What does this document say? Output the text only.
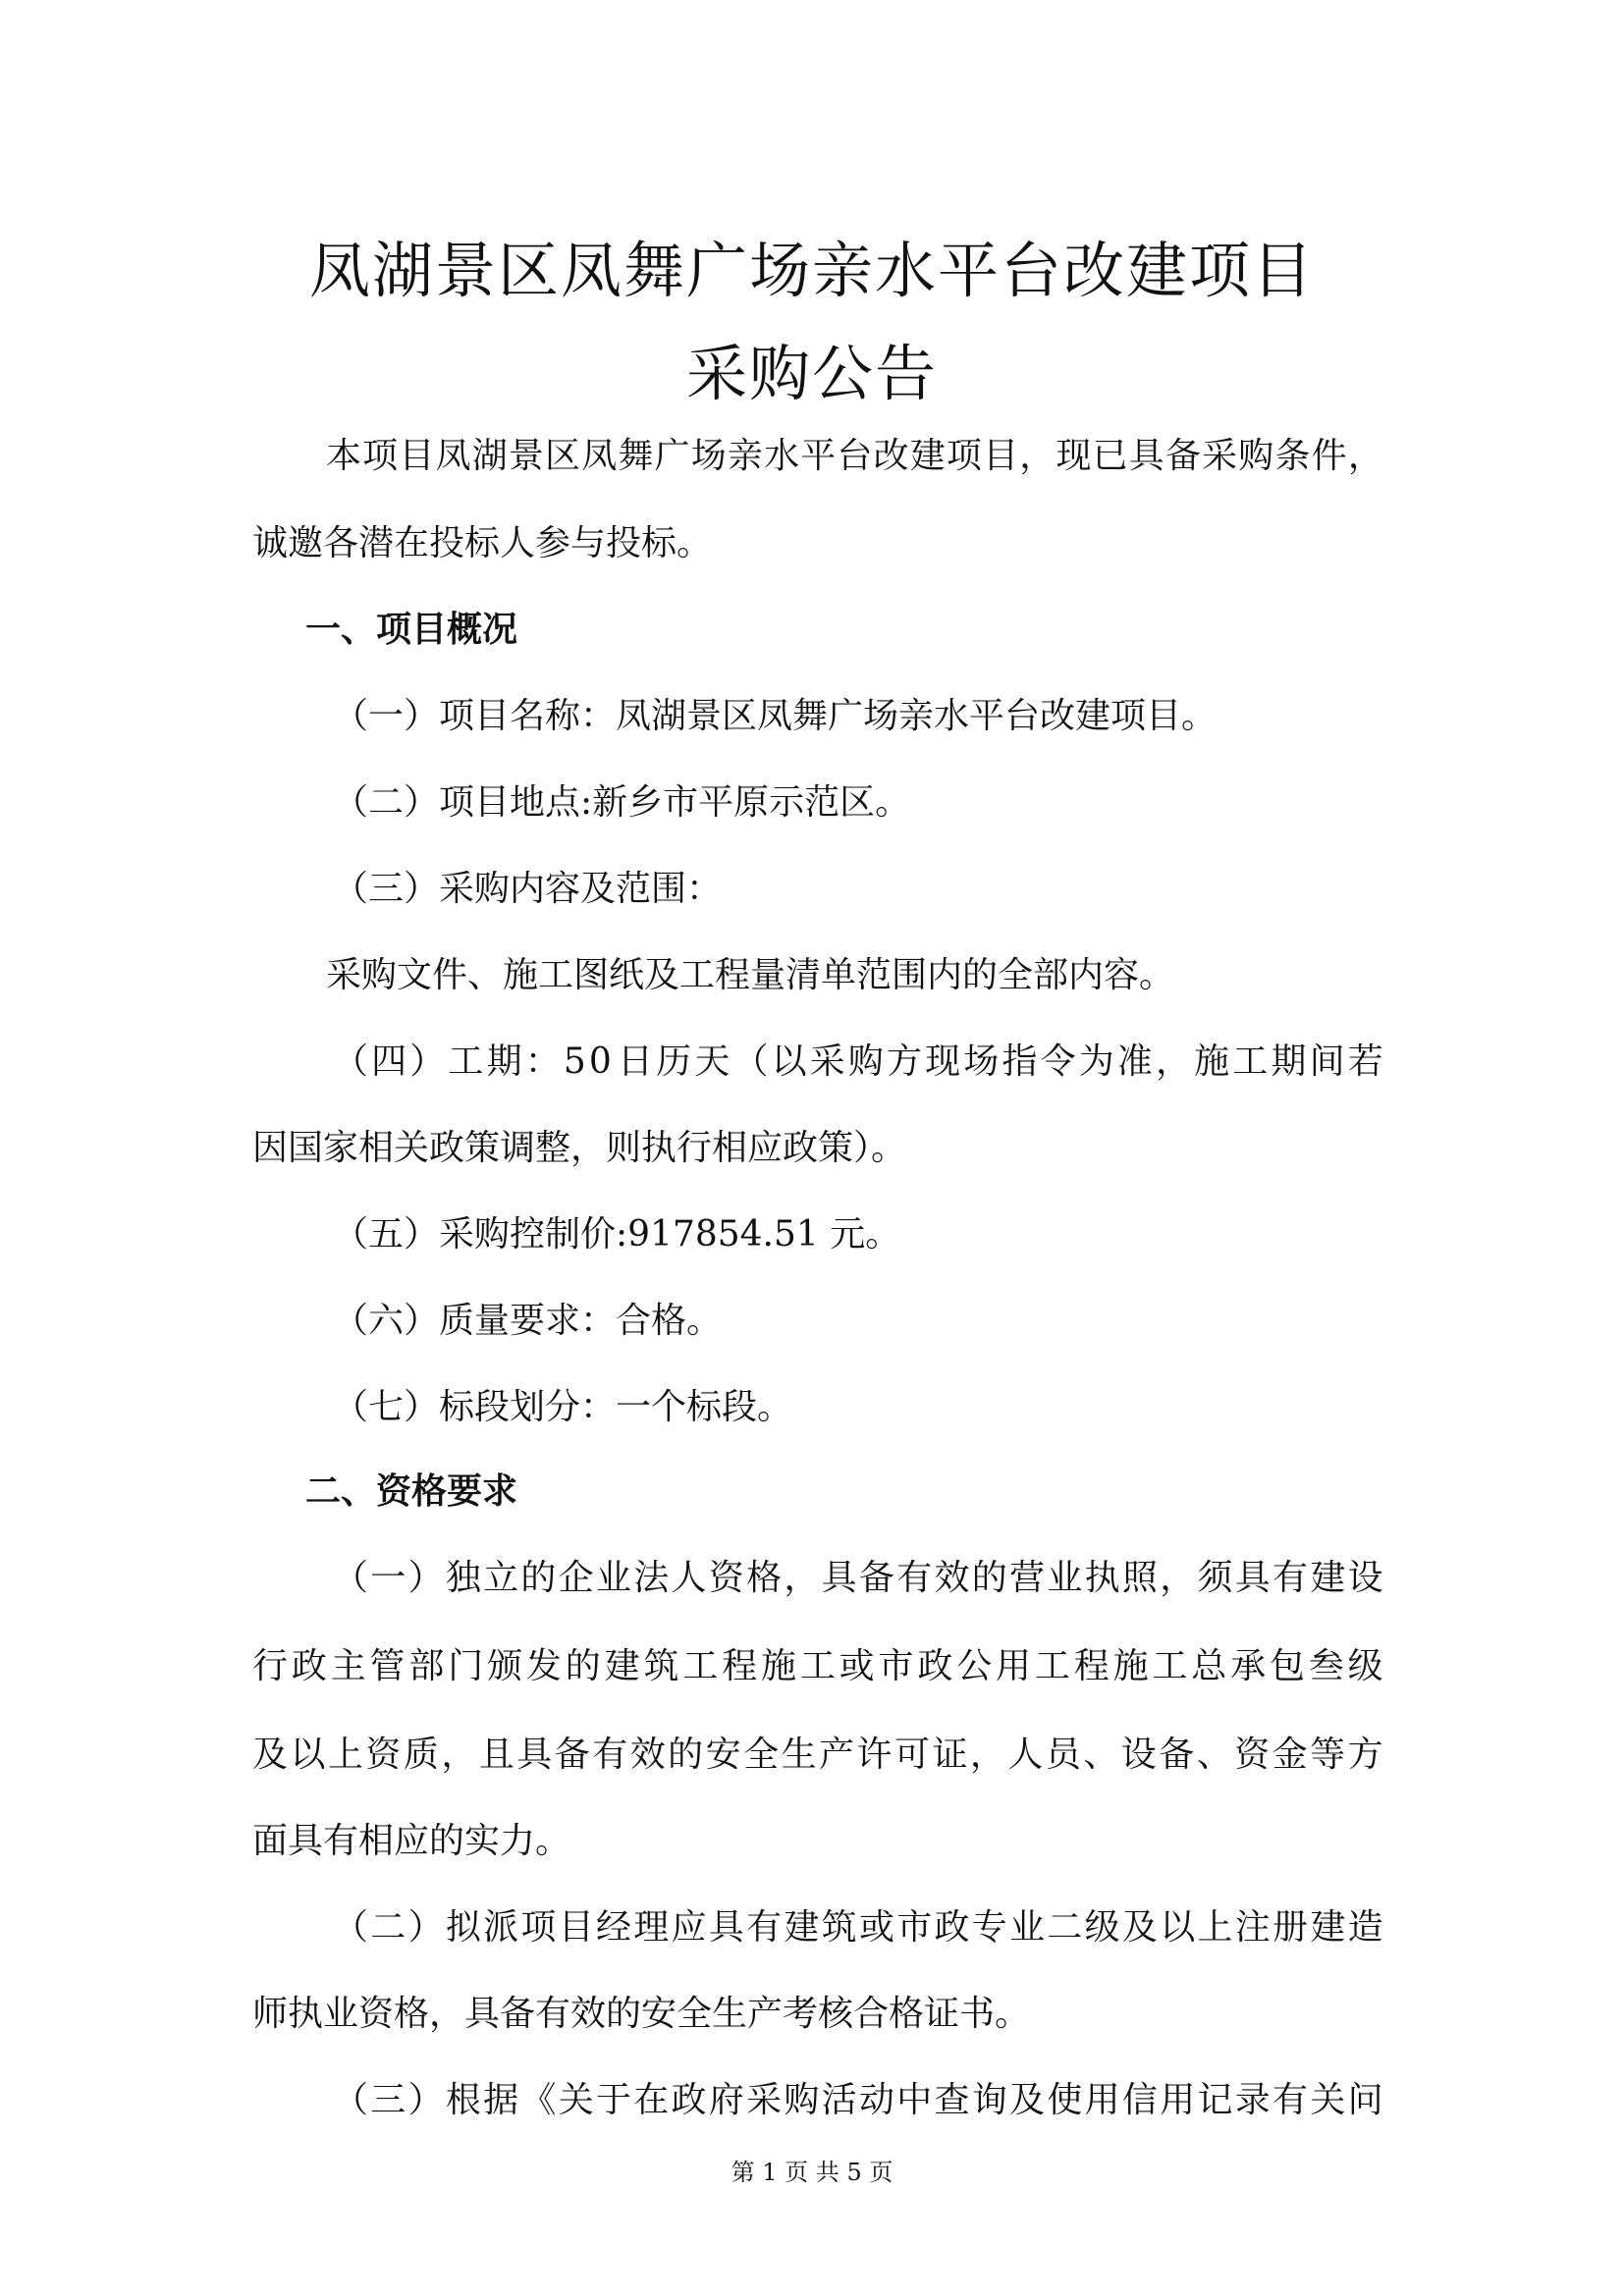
凤湖景区凤舞广场亲水平台改建项目
采购公告
本 项 目 凤 湖 景 区 凤 舞 广 场 亲 水 平 台 改 建 项 目 ， 现 已 具 备 采 购 条 件 ，
诚邀各潜在投标人参与投标。
一、项目概况
（一）项目名称：凤湖景区凤舞广场亲水平台改建项目。
（二）项目地点:新乡市平原示范区。
（三）采购内容及范围：
采购文件、施工图纸及工程量清单范围内的全部内容。
（ 四 ） 工 期 ： 5 0 日 历 天 （ 以 采 购 方 现 场 指 令 为 准 ， 施 工 期 间 若
因国家相关政策调整，则执行相应政策）。
（五）采购控制价:917854.51 元。
（六）质量要求：合格。
（七）标段划分：一个标段。
二、资格要求
（ 一 ） 独 立 的 企 业 法 人 资 格 ， 具 备 有 效 的 营 业 执 照 ， 须 具 有 建 设
行 政 主 管 部 门 颁 发 的 建 筑 工 程 施 工 或 市 政 公 用 工 程 施 工 总 承 包 叁 级
及 以 上 资 质 ， 且 具 备 有 效 的 安 全 生 产 许 可 证 ， 人 员 、 设 备 、 资 金 等 方
面具有相应的实力。
（ 二 ） 拟 派 项 目 经 理 应 具 有 建 筑 或 市 政 专 业 二 级 及 以 上 注 册 建 造
师执业资格，具备有效的安全生产考核合格证书。
（ 三 ） 根 据 《 关 于 在 政 府 采 购 活 动 中 查 询 及 使 用 信 用 记 录 有 关 问
第 1 页 共 5 页
